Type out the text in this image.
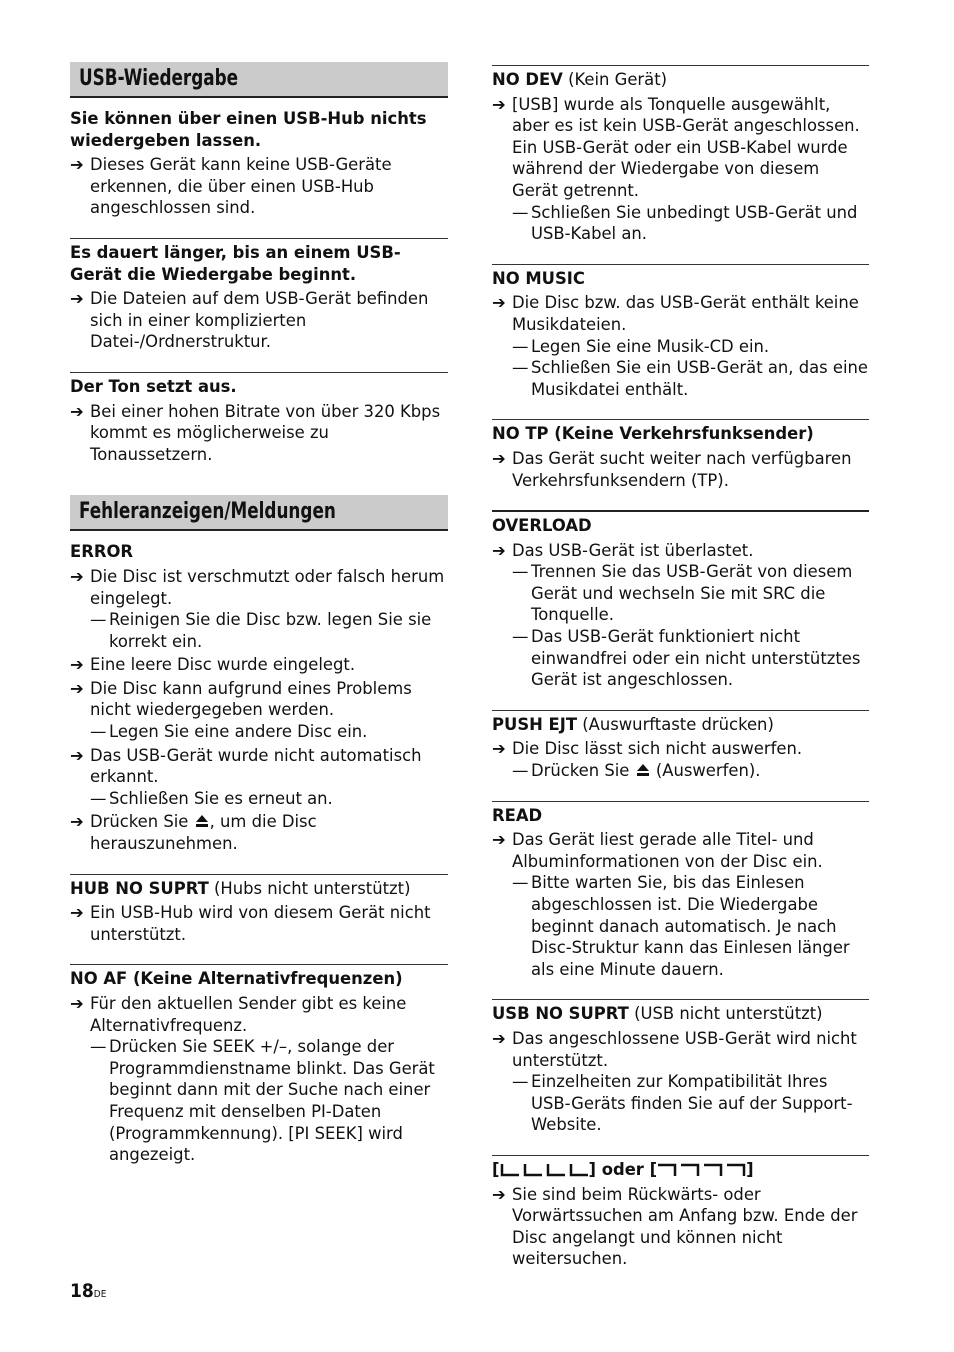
USB-Wiedergabe
Sie können über einen USB-Hub nichts wiedergeben lassen.
➔ Dieses Gerät kann keine USB-Geräte erkennen, die über einen USB-Hub angeschlossen sind.
Es dauert länger, bis an einem USB-Gerät die Wiedergabe beginnt.
➔ Die Dateien auf dem USB-Gerät befinden sich in einer komplizierten Datei-/Ordnerstruktur.
Der Ton setzt aus.
➔ Bei einer hohen Bitrate von über 320 Kbps kommt es möglicherweise zu Tonaussetzern.
Fehleranzeigen/Meldungen
ERROR
➔ Die Disc ist verschmutzt oder falsch herum eingelegt.
— Reinigen Sie die Disc bzw. legen Sie sie korrekt ein.
➔ Eine leere Disc wurde eingelegt.
➔ Die Disc kann aufgrund eines Problems nicht wiedergegeben werden.
— Legen Sie eine andere Disc ein.
➔ Das USB-Gerät wurde nicht automatisch erkannt.
— Schließen Sie es erneut an.
➔ Drücken Sie , um die Disc herauszunehmen.
HUB NO SUPRT (Hubs nicht unterstützt)
➔ Ein USB-Hub wird von diesem Gerät nicht unterstützt.
NO AF (Keine Alternativfrequenzen)
➔ Für den aktuellen Sender gibt es keine Alternativfrequenz.
— Drücken Sie SEEK +/–, solange der Programmdienstname blinkt. Das Gerät beginnt dann mit der Suche nach einer Frequenz mit denselben PI-Daten (Programmkennung). [PI SEEK] wird angezeigt.
NO DEV (Kein Gerät)
➔ [USB] wurde als Tonquelle ausgewählt, aber es ist kein USB-Gerät angeschlossen. Ein USB-Gerät oder ein USB-Kabel wurde während der Wiedergabe von diesem Gerät getrennt.
— Schließen Sie unbedingt USB-Gerät und USB-Kabel an.
NO MUSIC
➔ Die Disc bzw. das USB-Gerät enthält keine Musikdateien.
— Legen Sie eine Musik-CD ein.
— Schließen Sie ein USB-Gerät an, das eine Musikdatei enthält.
NO TP (Keine Verkehrsfunksender)
➔ Das Gerät sucht weiter nach verfügbaren Verkehrsfunksendern (TP).
OVERLOAD
➔ Das USB-Gerät ist überlastet.
— Trennen Sie das USB-Gerät von diesem Gerät und wechseln Sie mit SRC die Tonquelle.
— Das USB-Gerät funktioniert nicht einwandfrei oder ein nicht unterstütztes Gerät ist angeschlossen.
PUSH EJT (Auswurftaste drücken)
➔ Die Disc lässt sich nicht auswerfen.
— Drücken Sie  (Auswerfen).
READ
➔ Das Gerät liest gerade alle Titel- und Albuminformationen von der Disc ein.
— Bitte warten Sie, bis das Einlesen abgeschlossen ist. Die Wiedergabe beginnt danach automatisch. Je nach Disc-Struktur kann das Einlesen länger als eine Minute dauern.
USB NO SUPRT (USB nicht unterstützt)
➔ Das angeschlossene USB-Gerät wird nicht unterstützt.
— Einzelheiten zur Kompatibilität Ihres USB-Geräts finden Sie auf der Support-Website.
[	] oder [	]
➔ Sie sind beim Rückwärts- oder Vorwärtssuchen am Anfang bzw. Ende der Disc angelangt und können nicht weitersuchen.
18DE
